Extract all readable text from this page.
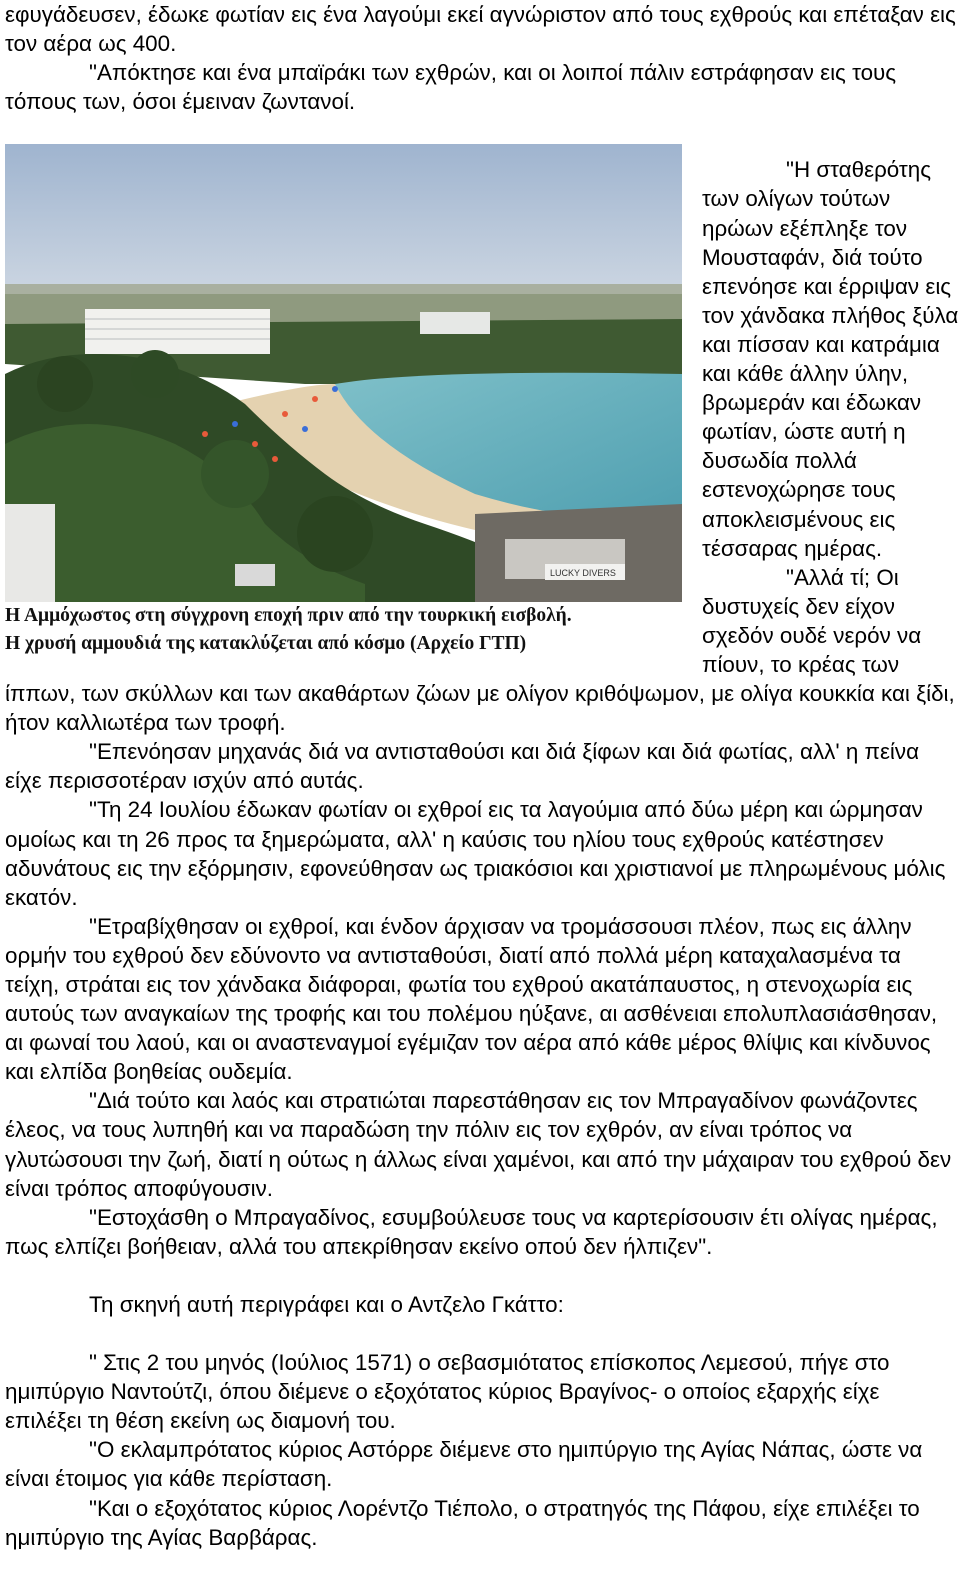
εφυγάδευσεν, έδωκε φωτίαν εις ένα λαγούμι εκεί αγνώριστον από τους εχθρούς και επέταξαν εις τον αέρα ως 400.

"Απόκτησε και ένα μπαϊράκι των εχθρών, και οι λοιποί πάλιν εστράφησαν εις τους τόπους των, όσοι έμειναν ζωντανοί.

LUCKY DIVERS
Η Αμμόχωστος στη σύγχρονη εποχή πριν από την τουρκική εισβολή.
Η χρυσή αμμουδιά της κατακλύζεται από κόσμο (Αρχείο ΓΤΠ)

"Η σταθερότης των ολίγων τούτων ηρώων εξέπληξε τον Μουσταφάν, διά τούτο επενόησε και έρριψαν εις τον χάνδακα πλήθος ξύλα και πίσσαν και κατράμια και κάθε άλλην ύλην, βρωμεράν και έδωκαν φωτίαν, ώστε αυτή η δυσωδία πολλά εστενοχώρησε τους αποκλεισμένους εις τέσσαρας ημέρας.

"Αλλά τί; Οι δυστυχείς δεν είχον σχεδόν ουδέ νερόν να πίουν, το κρέας των ίππων, των σκύλλων και των ακαθάρτων ζώων με ολίγον κριθόψωμον, με ολίγα κουκκία και ξίδι, ήτον καλλιωτέρα των τροφή.

"Επενόησαν μηχανάς διά να αντισταθούσι και διά ξίφων και διά φωτίας, αλλ' η πείνα είχε περισσοτέραν ισχύν από αυτάς.

"Τη 24 Ιουλίου έδωκαν φωτίαν οι εχθροί εις τα λαγούμια από δύω μέρη και ώρμησαν ομοίως και τη 26 προς τα ξημερώματα, αλλ' η καύσις του ηλίου τους εχθρούς κατέστησεν αδυνάτους εις την εξόρμησιν, εφονεύθησαν ως τριακόσιοι και χριστιανοί με πληρωμένους μόλις εκατόν.

"Ετραβίχθησαν οι εχθροί, και ένδον άρχισαν να τρομάσσουσι πλέον, πως εις άλλην ορμήν του εχθρού δεν εδύνοντο να αντισταθούσι, διατί από πολλά μέρη καταχαλασμένα τα τείχη, στράται εις τον χάνδακα διάφοραι, φωτία του εχθρού ακατάπαυστος, η στενοχωρία εις αυτούς των αναγκαίων της τροφής και του πολέμου ηύξανε, αι ασθένειαι επολυπλασιάσθησαν, αι φωναί του λαού, και οι αναστεναγμοί εγέμιζαν τον αέρα από κάθε μέρος θλίψις και κίνδυνος και ελπίδα βοηθείας ουδεμία.

"Διά τούτο και λαός και στρατιώται παρεστάθησαν εις τον Μπραγαδίνον φωνάζοντες έλεος, να τους λυπηθή και να παραδώση την πόλιν εις τον εχθρόν, αν είναι τρόπος να γλυτώσουσι την ζωή, διατί η ούτως η άλλως είναι χαμένοι, και από την μάχαιραν του εχθρού δεν είναι τρόπος αποφύγουσιν.

"Εστοχάσθη ο Μπραγαδίνος, εσυμβούλευσε τους να καρτερίσουσιν έτι ολίγας ημέρας, πως ελπίζει βοήθειαν, αλλά του απεκρίθησαν εκείνο οπού δεν ήλπιζεν".

Τη σκηνή αυτή περιγράφει και ο Αντζελο Γκάττο:

" Στις 2 του μηνός (Ιούλιος 1571) ο σεβασμιότατος επίσκοπος Λεμεσού, πήγε στο ημιπύργιο Ναντούτζι, όπου διέμενε ο εξοχότατος κύριος Βραγίνος- ο οποίος εξαρχής είχε επιλέξει τη θέση εκείνη ως διαμονή του.

"Ο εκλαμπρότατος κύριος Αστόρρε διέμενε στο ημιπύργιο της Αγίας Νάπας, ώστε να είναι έτοιμος για κάθε περίσταση.

"Και ο εξοχότατος κύριος Λορέντζο Τιέπολο, ο στρατηγός της Πάφου, είχε επιλέξει το ημιπύργιο της Αγίας Βαρβάρας.
